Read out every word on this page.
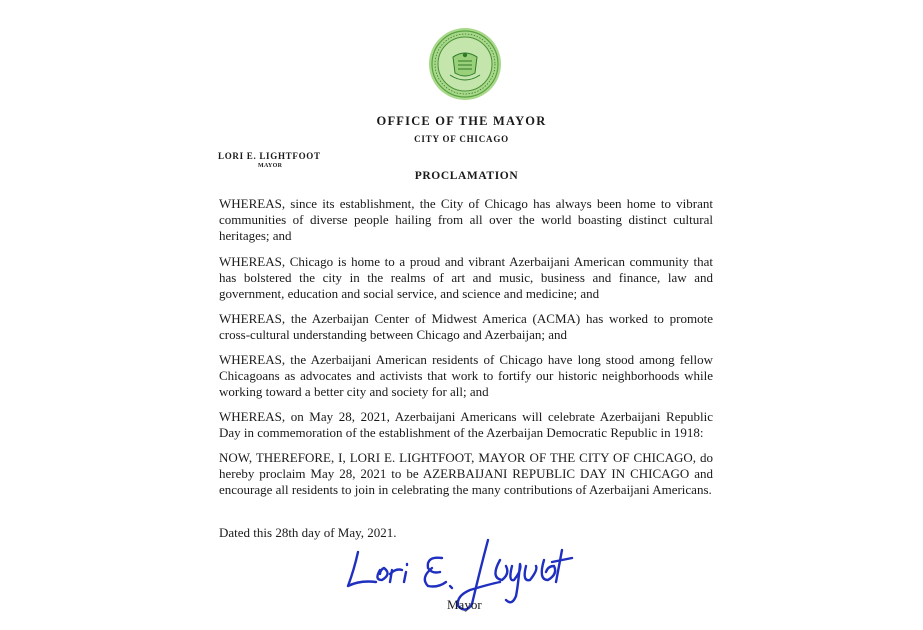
OFFICE OF THE MAYOR
CITY OF CHICAGO
LORI E. LIGHTFOOT
MAYOR
PROCLAMATION

WHEREAS, since its establishment, the City of Chicago has always been home to vibrant communities of diverse people hailing from all over the world boasting distinct cultural heritages; and

WHEREAS, Chicago is home to a proud and vibrant Azerbaijani American community that has bolstered the city in the realms of art and music, business and finance, law and government, education and social service, and science and medicine; and

WHEREAS, the Azerbaijan Center of Midwest America (ACMA) has worked to promote cross-cultural understanding between Chicago and Azerbaijan; and

WHEREAS, the Azerbaijani American residents of Chicago have long stood among fellow Chicagoans as advocates and activists that work to fortify our historic neighborhoods while working toward a better city and society for all; and

WHEREAS, on May 28, 2021, Azerbaijani Americans will celebrate Azerbaijani Republic Day in commemoration of the establishment of the Azerbaijan Democratic Republic in 1918:

NOW, THEREFORE, I, LORI E. LIGHTFOOT, MAYOR OF THE CITY OF CHICAGO, do hereby proclaim May 28, 2021 to be AZERBAIJANI REPUBLIC DAY IN CHICAGO and encourage all residents to join in celebrating the many contributions of Azerbaijani Americans.

Dated this 28th day of May, 2021.
Mayor
